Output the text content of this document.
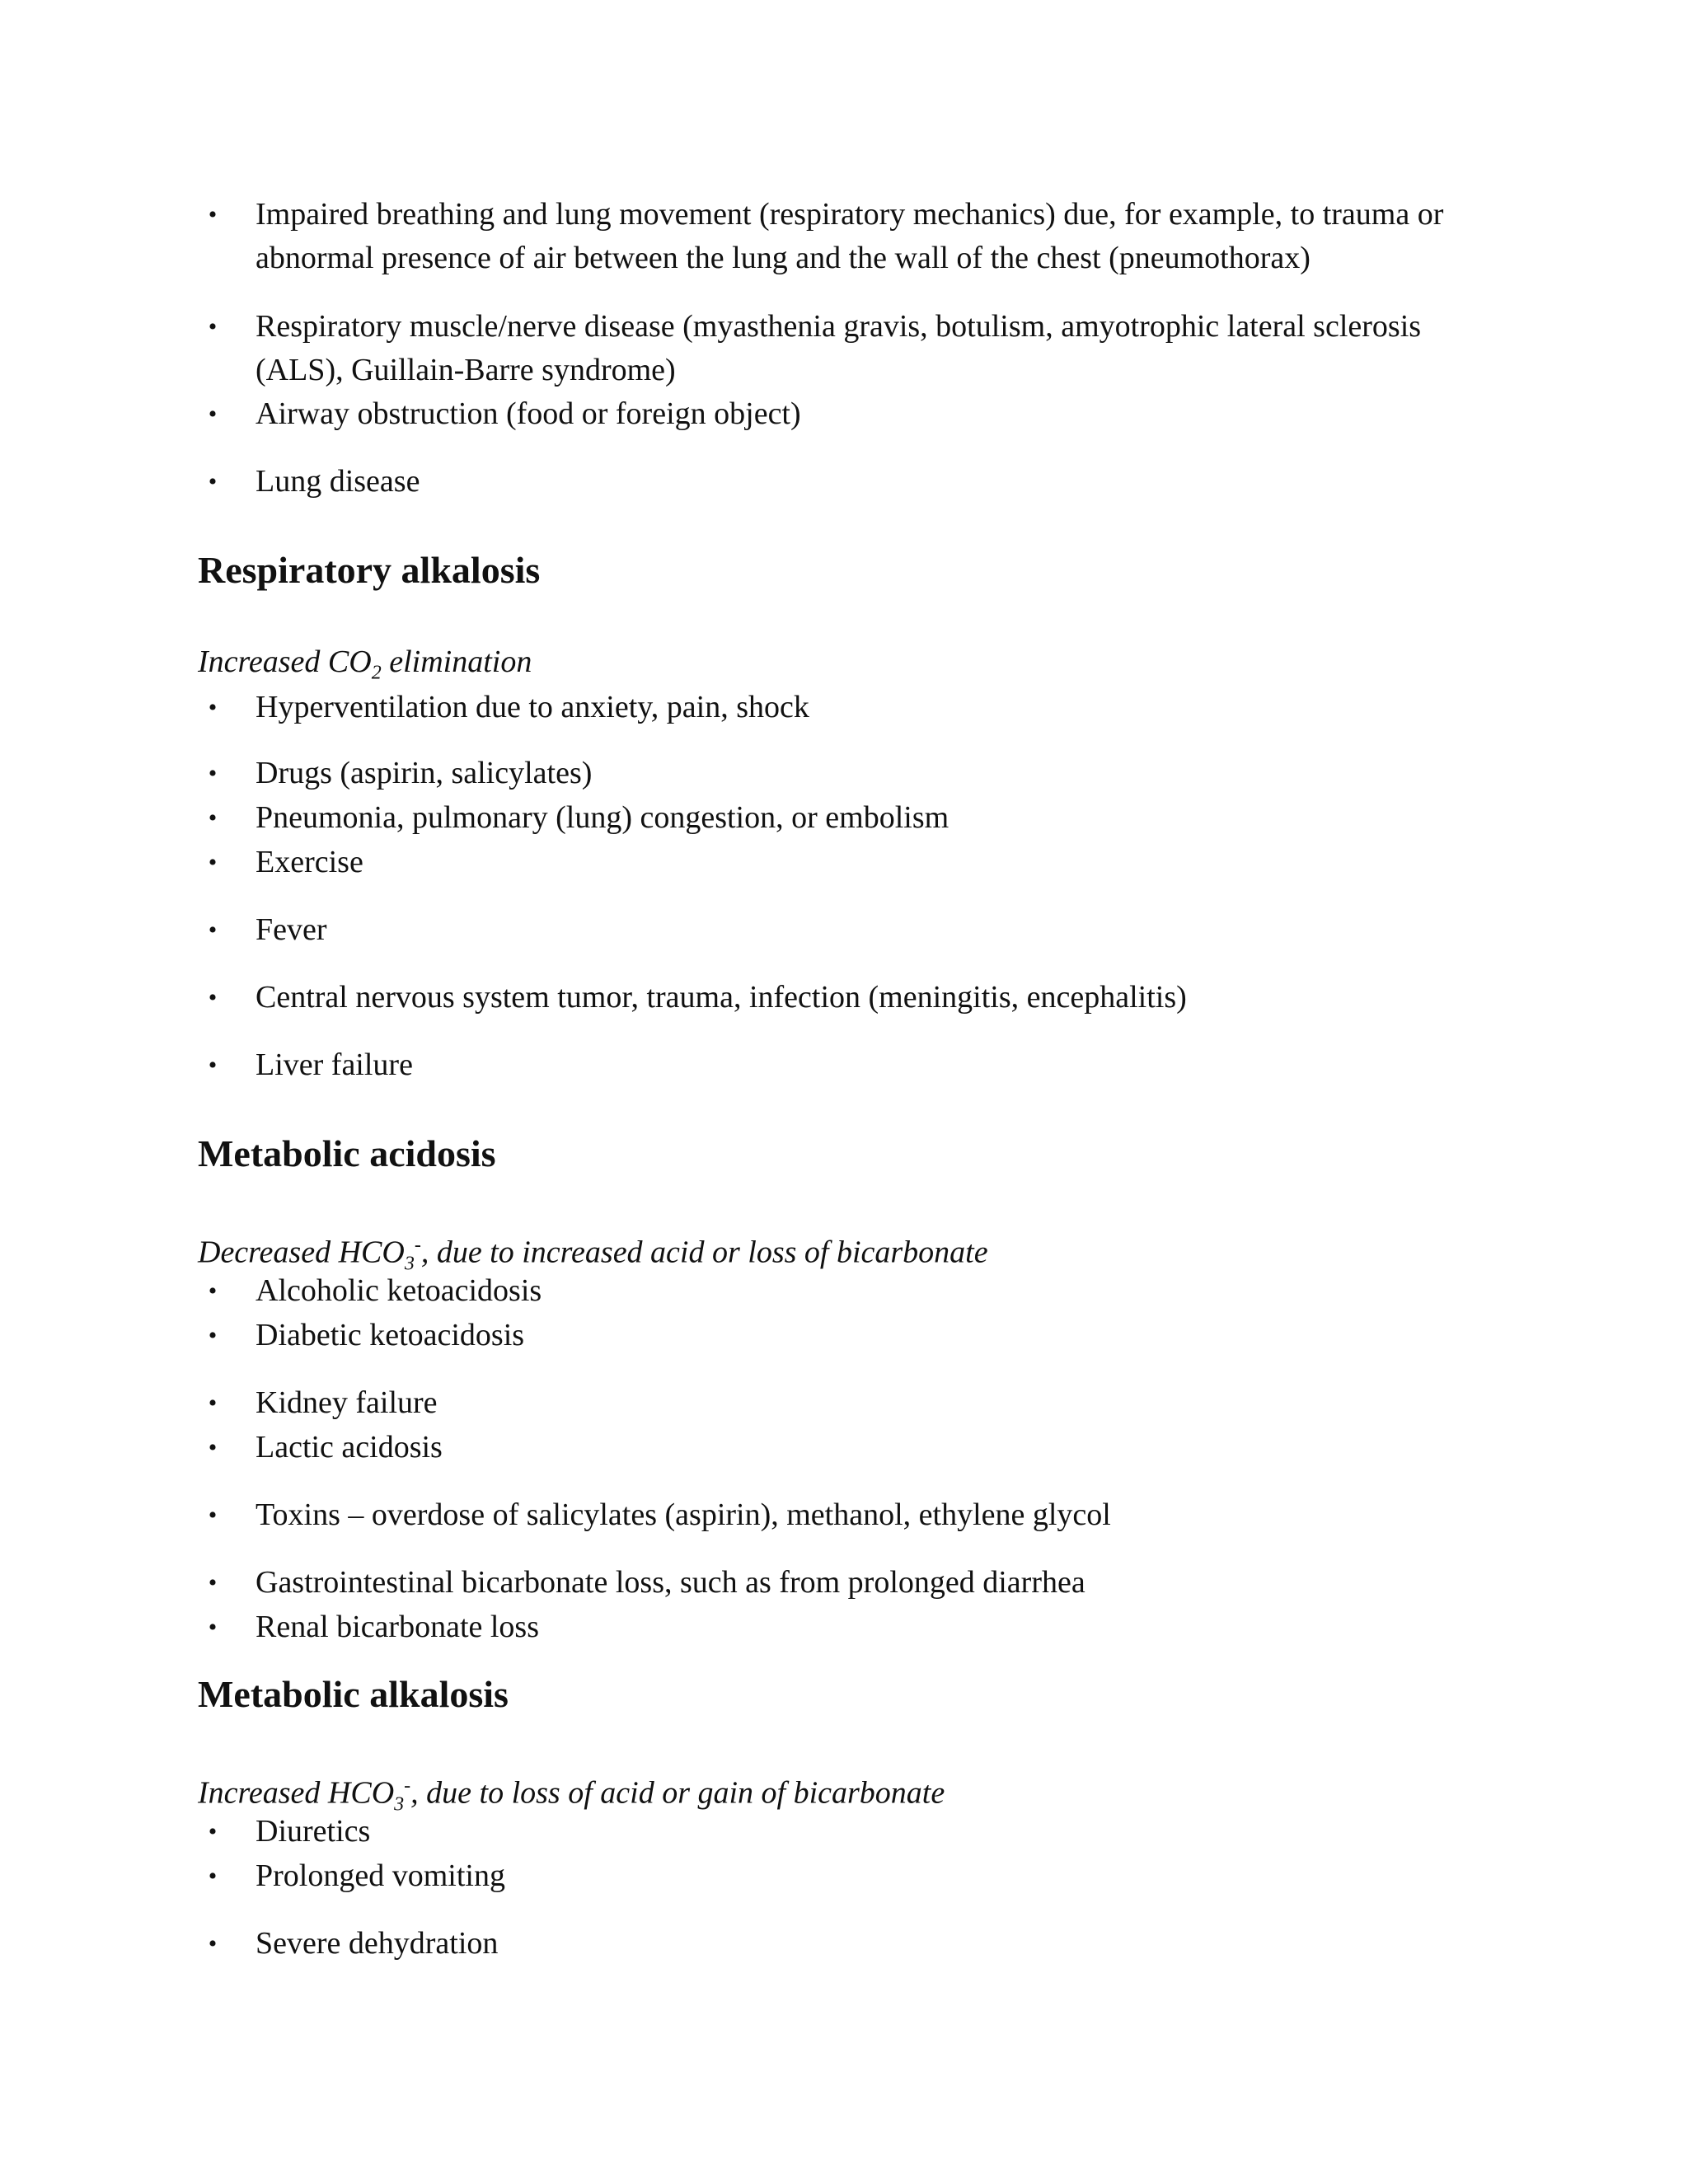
• Impaired breathing and lung movement (respiratory mechanics) due, for example, to trauma or abnormal presence of air between the lung and the wall of the chest (pneumothorax)
• Respiratory muscle/nerve disease (myasthenia gravis, botulism, amyotrophic lateral sclerosis (ALS), Guillain-Barre syndrome)
• Airway obstruction (food or foreign object)
• Lung disease
Respiratory alkalosis
Increased $CO_2$ elimination
• Hyperventilation due to anxiety, pain, shock
• Drugs (aspirin, salicylates)
• Pneumonia, pulmonary (lung) congestion, or embolism
• Exercise
• Fever
• Central nervous system tumor, trauma, infection (meningitis, encephalitis)
• Liver failure
Metabolic acidosis
Decreased $HCO_3^-$, due to increased acid or loss of bicarbonate
• Alcoholic ketoacidosis
• Diabetic ketoacidosis
• Kidney failure
• Lactic acidosis
• Toxins – overdose of salicylates (aspirin), methanol, ethylene glycol
• Gastrointestinal bicarbonate loss, such as from prolonged diarrhea
• Renal bicarbonate loss
Metabolic alkalosis
Increased $HCO_3^-$, due to loss of acid or gain of bicarbonate
• Diuretics
• Prolonged vomiting
• Severe dehydration
